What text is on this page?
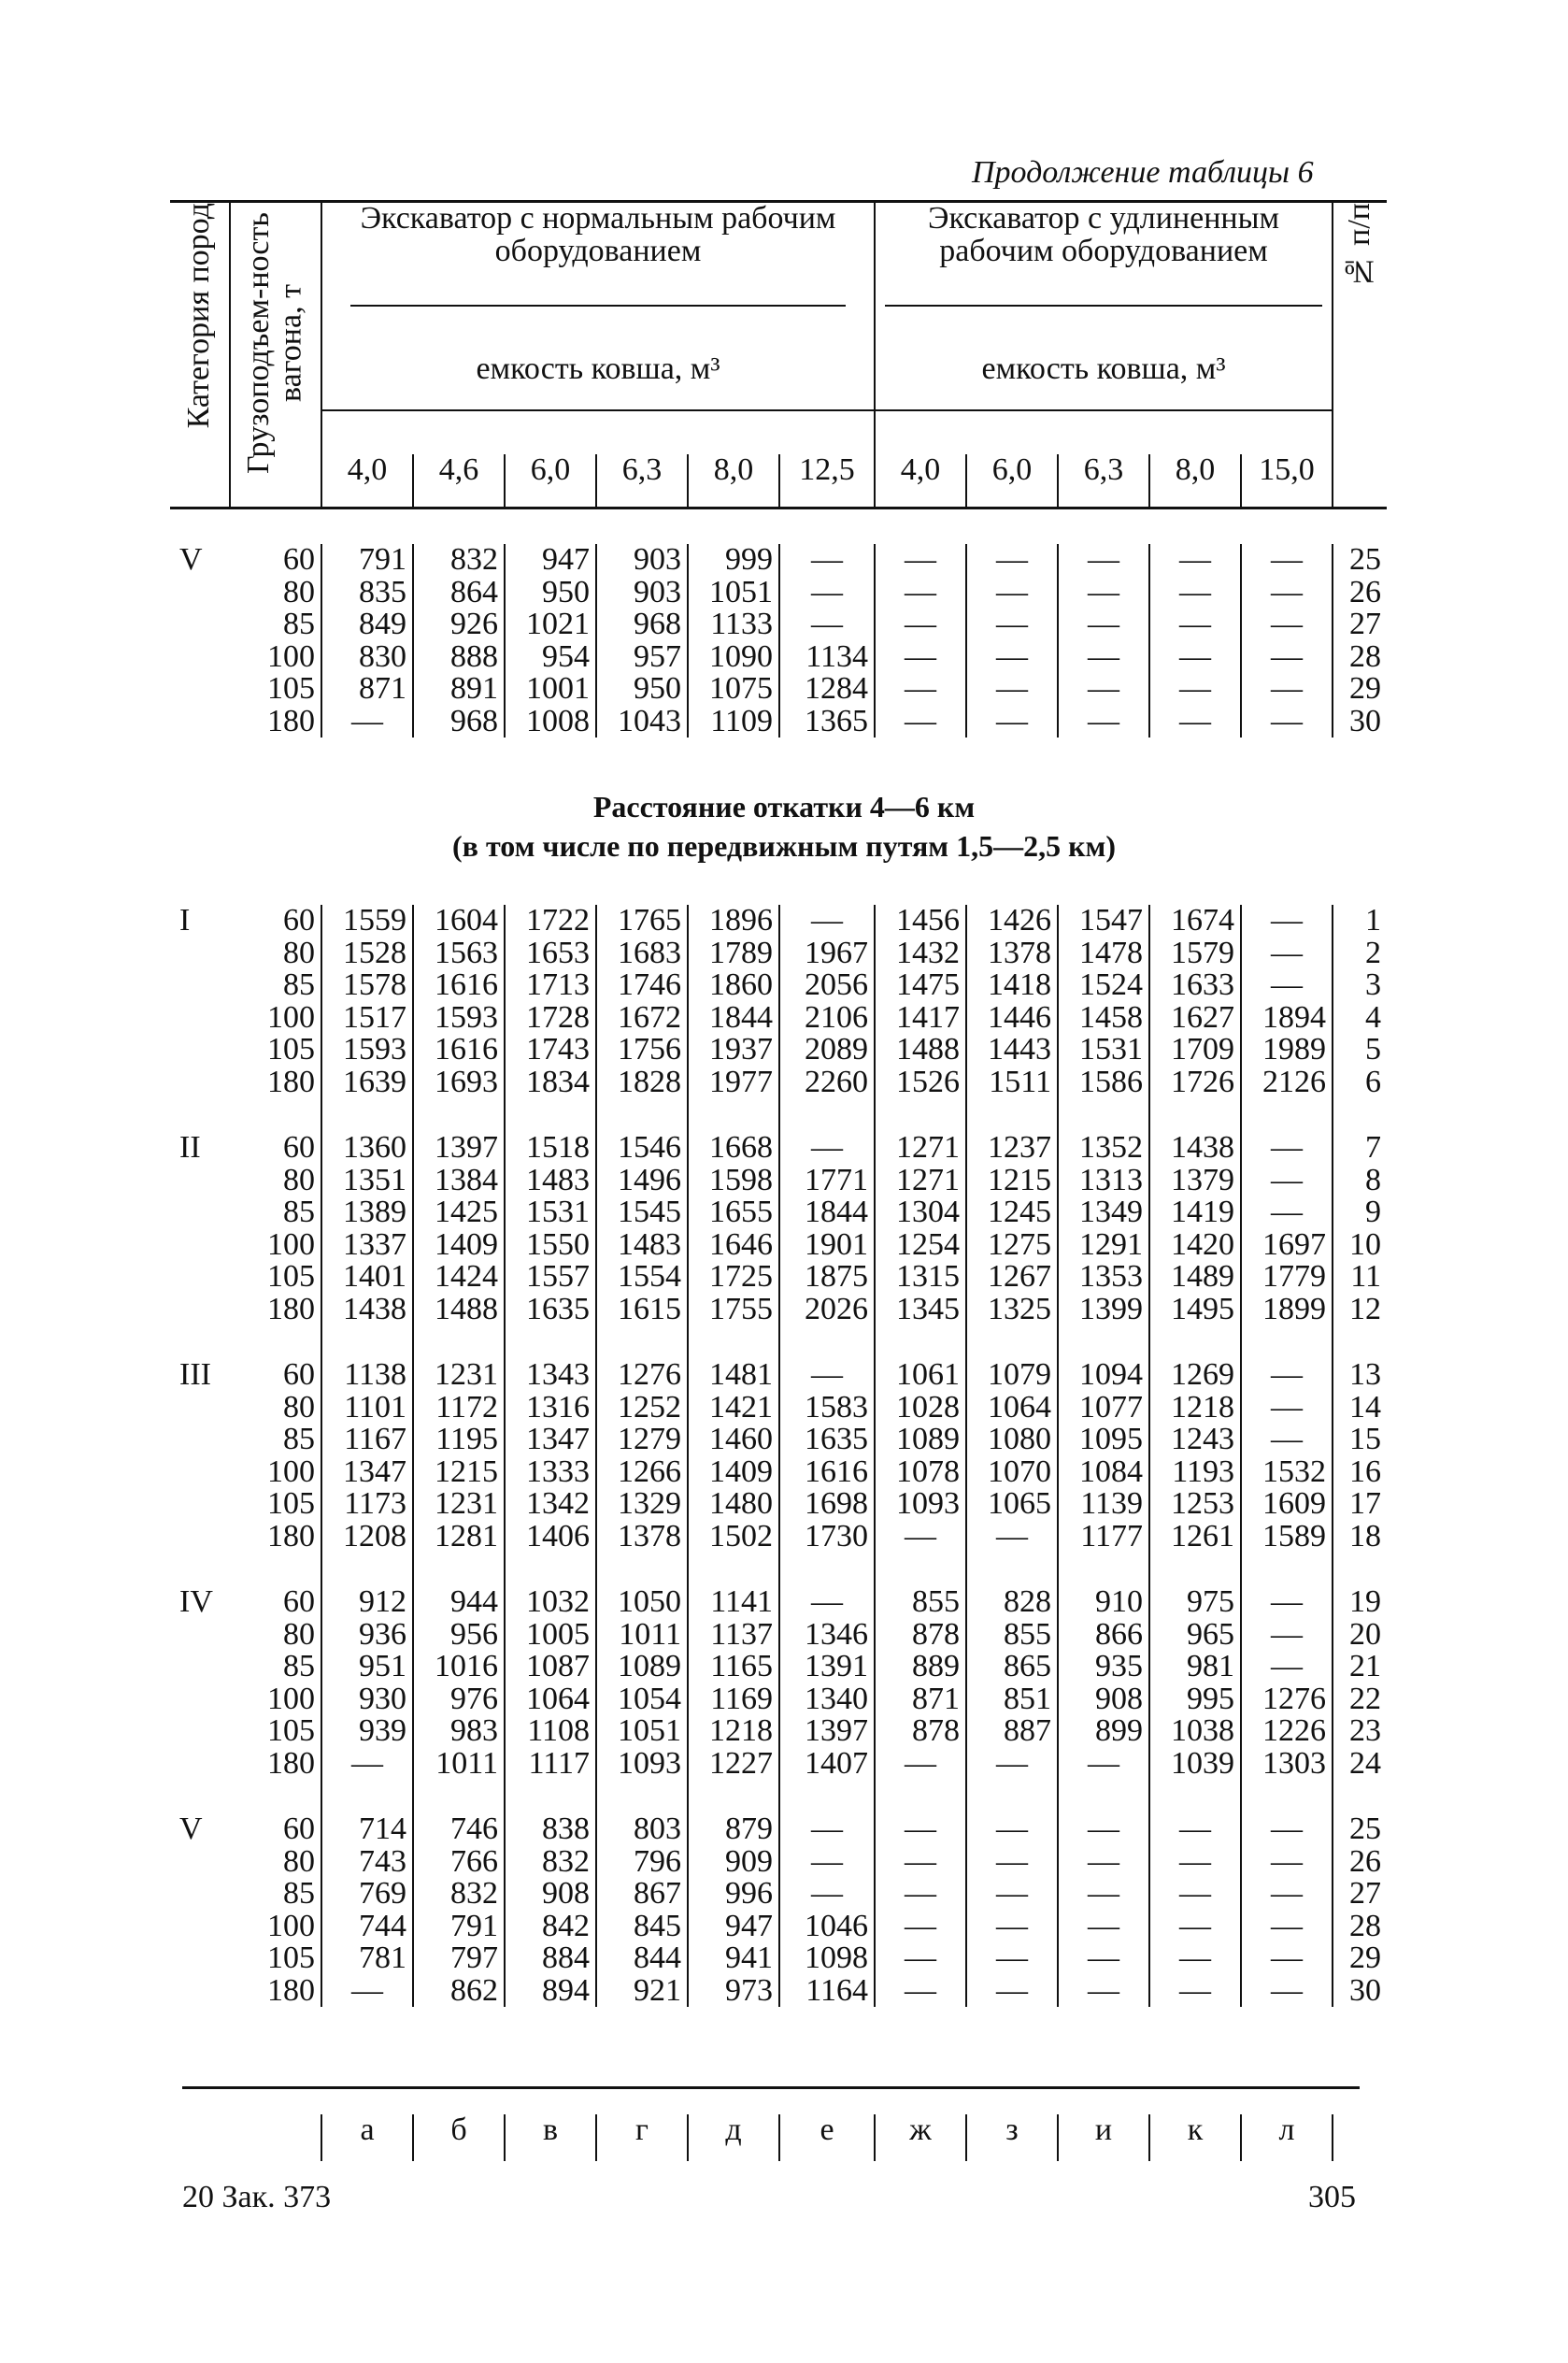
Продолжение таблицы 6
Категория пород	Грузоподъем-ность вагона, т	Экскаватор с нормальным рабочим оборудованием						Экскаватор с удлиненным рабочим оборудованием					№ п/п

		емкость ковша, м³						емкость ковша, м³					

		4,0	4,6	6,0	6,3	8,0	12,5	4,0	6,0	6,3	8,0	15,0	
V	60	791	832	947	903	999	—	—	—	—	—	—	25
	80	835	864	950	903	1051	—	—	—	—	—	—	26
	85	849	926	1021	968	1133	—	—	—	—	—	—	27
	100	830	888	954	957	1090	1134	—	—	—	—	—	28
	105	871	891	1001	950	1075	1284	—	—	—	—	—	29
	180	—	968	1008	1043	1109	1365	—	—	—	—	—	30
Расстояние откатки 4—6 км
(в том числе по передвижным путям 1,5—2,5 км)
I	60	1559	1604	1722	1765	1896	—	1456	1426	1547	1674	—	1
	80	1528	1563	1653	1683	1789	1967	1432	1378	1478	1579	—	2
	85	1578	1616	1713	1746	1860	2056	1475	1418	1524	1633	—	3
	100	1517	1593	1728	1672	1844	2106	1417	1446	1458	1627	1894	4
	105	1593	1616	1743	1756	1937	2089	1488	1443	1531	1709	1989	5
	180	1639	1693	1834	1828	1977	2260	1526	1511	1586	1726	2126	6

II	60	1360	1397	1518	1546	1668	—	1271	1237	1352	1438	—	7
	80	1351	1384	1483	1496	1598	1771	1271	1215	1313	1379	—	8
	85	1389	1425	1531	1545	1655	1844	1304	1245	1349	1419	—	9
	100	1337	1409	1550	1483	1646	1901	1254	1275	1291	1420	1697	10
	105	1401	1424	1557	1554	1725	1875	1315	1267	1353	1489	1779	11
	180	1438	1488	1635	1615	1755	2026	1345	1325	1399	1495	1899	12

III	60	1138	1231	1343	1276	1481	—	1061	1079	1094	1269	—	13
	80	1101	1172	1316	1252	1421	1583	1028	1064	1077	1218	—	14
	85	1167	1195	1347	1279	1460	1635	1089	1080	1095	1243	—	15
	100	1347	1215	1333	1266	1409	1616	1078	1070	1084	1193	1532	16
	105	1173	1231	1342	1329	1480	1698	1093	1065	1139	1253	1609	17
	180	1208	1281	1406	1378	1502	1730	—	—	1177	1261	1589	18

IV	60	912	944	1032	1050	1141	—	855	828	910	975	—	19
	80	936	956	1005	1011	1137	1346	878	855	866	965	—	20
	85	951	1016	1087	1089	1165	1391	889	865	935	981	—	21
	100	930	976	1064	1054	1169	1340	871	851	908	995	1276	22
	105	939	983	1108	1051	1218	1397	878	887	899	1038	1226	23
	180	—	1011	1117	1093	1227	1407	—	—	—	1039	1303	24

V	60	714	746	838	803	879	—	—	—	—	—	—	25
	80	743	766	832	796	909	—	—	—	—	—	—	26
	85	769	832	908	867	996	—	—	—	—	—	—	27
	100	744	791	842	845	947	1046	—	—	—	—	—	28
	105	781	797	884	844	941	1098	—	—	—	—	—	29
	180	—	862	894	921	973	1164	—	—	—	—	—	30
		а	б	в	г	д	е	ж	з	и	к	л	
20 Зак. 373	305
